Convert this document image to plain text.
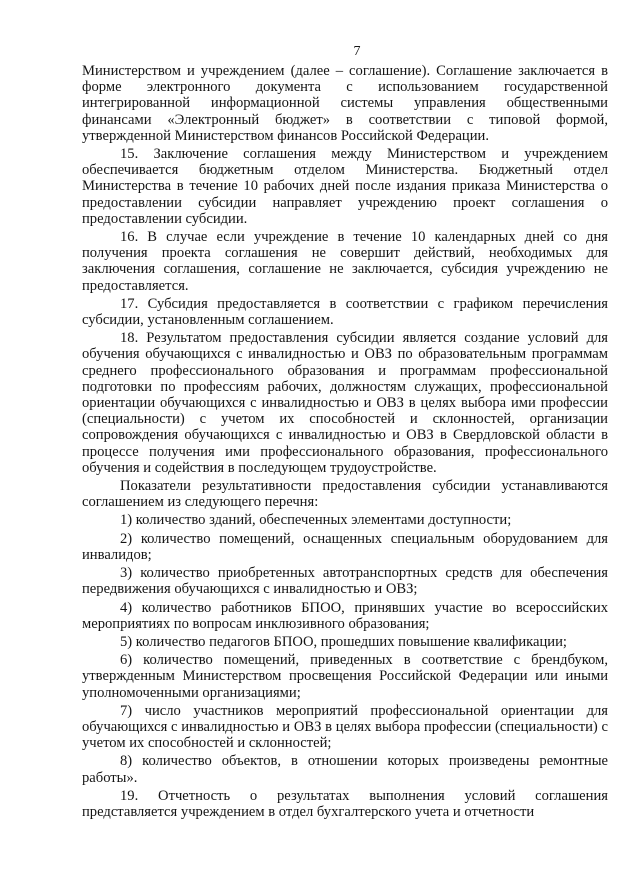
7

Министерством и учреждением (далее – соглашение). Соглашение заключается в форме электронного документа с использованием государственной интегрированной информационной системы управления общественными финансами «Электронный бюджет» в соответствии с типовой формой, утвержденной Министерством финансов Российской Федерации.

15. Заключение соглашения между Министерством и учреждением обеспечивается бюджетным отделом Министерства. Бюджетный отдел Министерства в течение 10 рабочих дней после издания приказа Министерства о предоставлении субсидии направляет учреждению проект соглашения о предоставлении субсидии.

16. В случае если учреждение в течение 10 календарных дней со дня получения проекта соглашения не совершит действий, необходимых для заключения соглашения, соглашение не заключается, субсидия учреждению не предоставляется.

17. Субсидия предоставляется в соответствии с графиком перечисления субсидии, установленным соглашением.

18. Результатом предоставления субсидии является создание условий для обучения обучающихся с инвалидностью и ОВЗ по образовательным программам среднего профессионального образования и программам профессиональной подготовки по профессиям рабочих, должностям служащих, профессиональной ориентации обучающихся с инвалидностью и ОВЗ в целях выбора ими профессии (специальности) с учетом их способностей и склонностей, организации сопровождения обучающихся с инвалидностью и ОВЗ в Свердловской области в процессе получения ими профессионального образования, профессионального обучения и содействия в последующем трудоустройстве.

Показатели результативности предоставления субсидии устанавливаются соглашением из следующего перечня:

1) количество зданий, обеспеченных элементами доступности;

2) количество помещений, оснащенных специальным оборудованием для инвалидов;

3) количество приобретенных автотранспортных средств для обеспечения передвижения обучающихся с инвалидностью и ОВЗ;

4) количество работников БПОО, принявших участие во всероссийских мероприятиях по вопросам инклюзивного образования;

5) количество педагогов БПОО, прошедших повышение квалификации;

6) количество помещений, приведенных в соответствие с брендбуком, утвержденным Министерством просвещения Российской Федерации или иными уполномоченными организациями;

7) число участников мероприятий профессиональной ориентации для обучающихся с инвалидностью и ОВЗ в целях выбора профессии (специальности) с учетом их способностей и склонностей;

8) количество объектов, в отношении которых произведены ремонтные работы».

19. Отчетность о результатах выполнения условий соглашения представляется учреждением в отдел бухгалтерского учета и отчетности
